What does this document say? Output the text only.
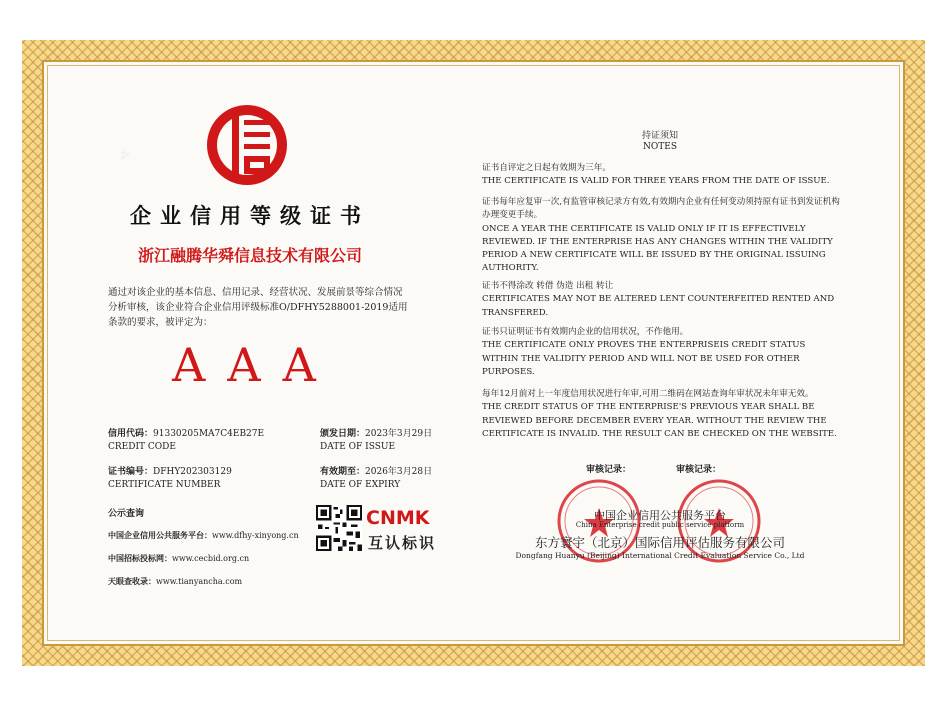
企业信用等级证书
浙江融腾华舜信息技术有限公司
通过对该企业的基本信息、信用记录、经营状况、发展前景等综合情况分析审核，该企业符合企业信用评级标准O/DFHY5288001-2019适用条款的要求，被评定为：
AAA
信用代码：91330205MA7C4EB27E
CREDIT CODE
颁发日期：2023年3月29日
DATE OF ISSUE
证书编号：DFHY202303129
CERTIFICATE NUMBER
有效期至：2026年3月28日
DATE OF EXPIRY
公示查询
中国企业信用公共服务平台：www.dfhy-xinyong.cn
中国招标投标网：www.cecbid.org.cn
天眼查收录：www.tianyancha.com
CNMK
互认标识
持证须知
NOTES
证书自评定之日起有效期为三年。
THE CERTIFICATE IS VALID FOR THREE YEARS FROM THE DATE OF ISSUE.
证书每年应复审一次,有监管审核记录方有效,有效期内企业有任何变动须持原有证书到发证机构办理变更手续。
ONCE A YEAR THE CERTIFICATE IS VALID ONLY IF IT IS EFFECTIVELY REVIEWED. IF THE ENTERPRISE HAS ANY CHANGES WITHIN THE VALIDITY PERIOD A NEW CERTIFICATE WILL BE ISSUED BY THE ORIGINAL ISSUING AUTHORITY.
证书不得涂改 转借 伪造 出租 转让
CERTIFICATES MAY NOT BE ALTERED LENT COUNTERFEITED RENTED AND TRANSFERED.
证书只证明证书有效期内企业的信用状况，不作他用。
THE CERTIFICATE ONLY PROVES THE ENTERPRISEIS CREDIT STATUS WITHIN THE VALIDITY PERIOD AND WILL NOT BE USED FOR OTHER PURPOSES.
每年12月前对上一年度信用状况进行年审,可用二维码在网站查询年审状况未年审无效。
THE CREDIT STATUS OF THE ENTERPRISE'S PREVIOUS YEAR SHALL BE REVIEWED BEFORE DECEMBER EVERY YEAR. WITHOUT THE REVIEW THE CERTIFICATE IS INVALID. THE RESULT CAN BE CHECKED ON THE WEBSITE.
审核记录：	审核记录：
中国企业信用公共服务平台
China Enterprise credit public service platform
东方寰宇（北京）国际信用评估服务有限公司
Dongfang Huanyu (Beijing) International Credit Evaluation Service Co., Ltd
